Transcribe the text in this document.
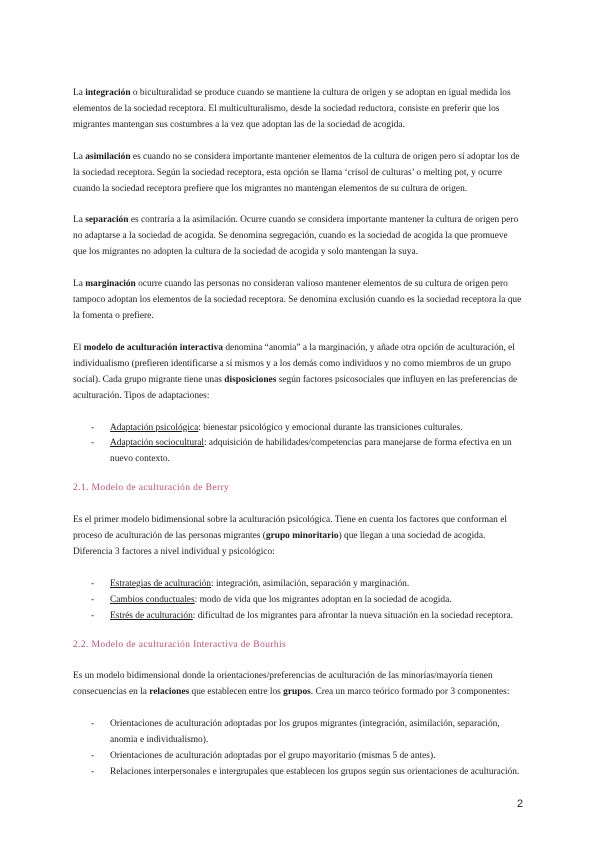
La integración o biculturalidad se produce cuando se mantiene la cultura de origen y se adoptan en igual medida los elementos de la sociedad receptora. El multiculturalismo, desde la sociedad reductora, consiste en preferir que los migrantes mantengan sus costumbres a la vez que adoptan las de la sociedad de acogida.

La asimilación es cuando no se considera importante mantener elementos de la cultura de origen pero sí adoptar los de la sociedad receptora. Según la sociedad receptora, esta opción se llama ‘crisol de culturas’ o melting pot, y ocurre cuando la sociedad receptora prefiere que los migrantes no mantengan elementos de su cultura de origen.

La separación es contraria a la asimilación. Ocurre cuando se considera importante mantener la cultura de origen pero no adaptarse a la sociedad de acogida. Se denomina segregación, cuando es la sociedad de acogida la que promueve que los migrantes no adopten la cultura de la sociedad de acogida y solo mantengan la suya.

La marginación ocurre cuando las personas no consideran valioso mantener elementos de su cultura de origen pero tampoco adoptan los elementos de la sociedad receptora. Se denomina exclusión cuando es la sociedad receptora la que la fomenta o prefiere.

El modelo de aculturación interactiva denomina “anomia” a la marginación, y añade otra opción de aculturación, el individualismo (prefieren identificarse a sí mismos y a los demás como individuos y no como miembros de un grupo social). Cada grupo migrante tiene unas disposiciones según factores psicosociales que influyen en las preferencias de aculturación. Tipos de adaptaciones:

- Adaptación psicológica: bienestar psicológico y emocional durante las transiciones culturales.
- Adaptación sociocultural: adquisición de habilidades/competencias para manejarse de forma efectiva en un nuevo contexto.
2.1. Modelo de aculturación de Berry

Es el primer modelo bidimensional sobre la aculturación psicológica. Tiene en cuenta los factores que conforman el proceso de aculturación de las personas migrantes (grupo minoritario) que llegan a una sociedad de acogida. Diferencia 3 factores a nivel individual y psicológico:

- Estrategias de aculturación: integración, asimilación, separación y marginación.
- Cambios conductuales: modo de vida que los migrantes adoptan en la sociedad de acogida.
- Estrés de aculturación: dificultad de los migrantes para afrontar la nueva situación en la sociedad receptora.
2.2. Modelo de aculturación Interactiva de Bourhis

Es un modelo bidimensional donde la orientaciones/preferencias de aculturación de las minorías/mayoría tienen consecuencias en la relaciones que establecen entre los grupos. Crea un marco teórico formado por 3 componentes:

- Orientaciones de aculturación adoptadas por los grupos migrantes (integración, asimilación, separación, anomia e individualismo).
- Orientaciones de aculturación adoptadas por el grupo mayoritario (mismas 5 de antes).
- Relaciones interpersonales e intergrupales que establecen los grupos según sus orientaciones de aculturación.
2
